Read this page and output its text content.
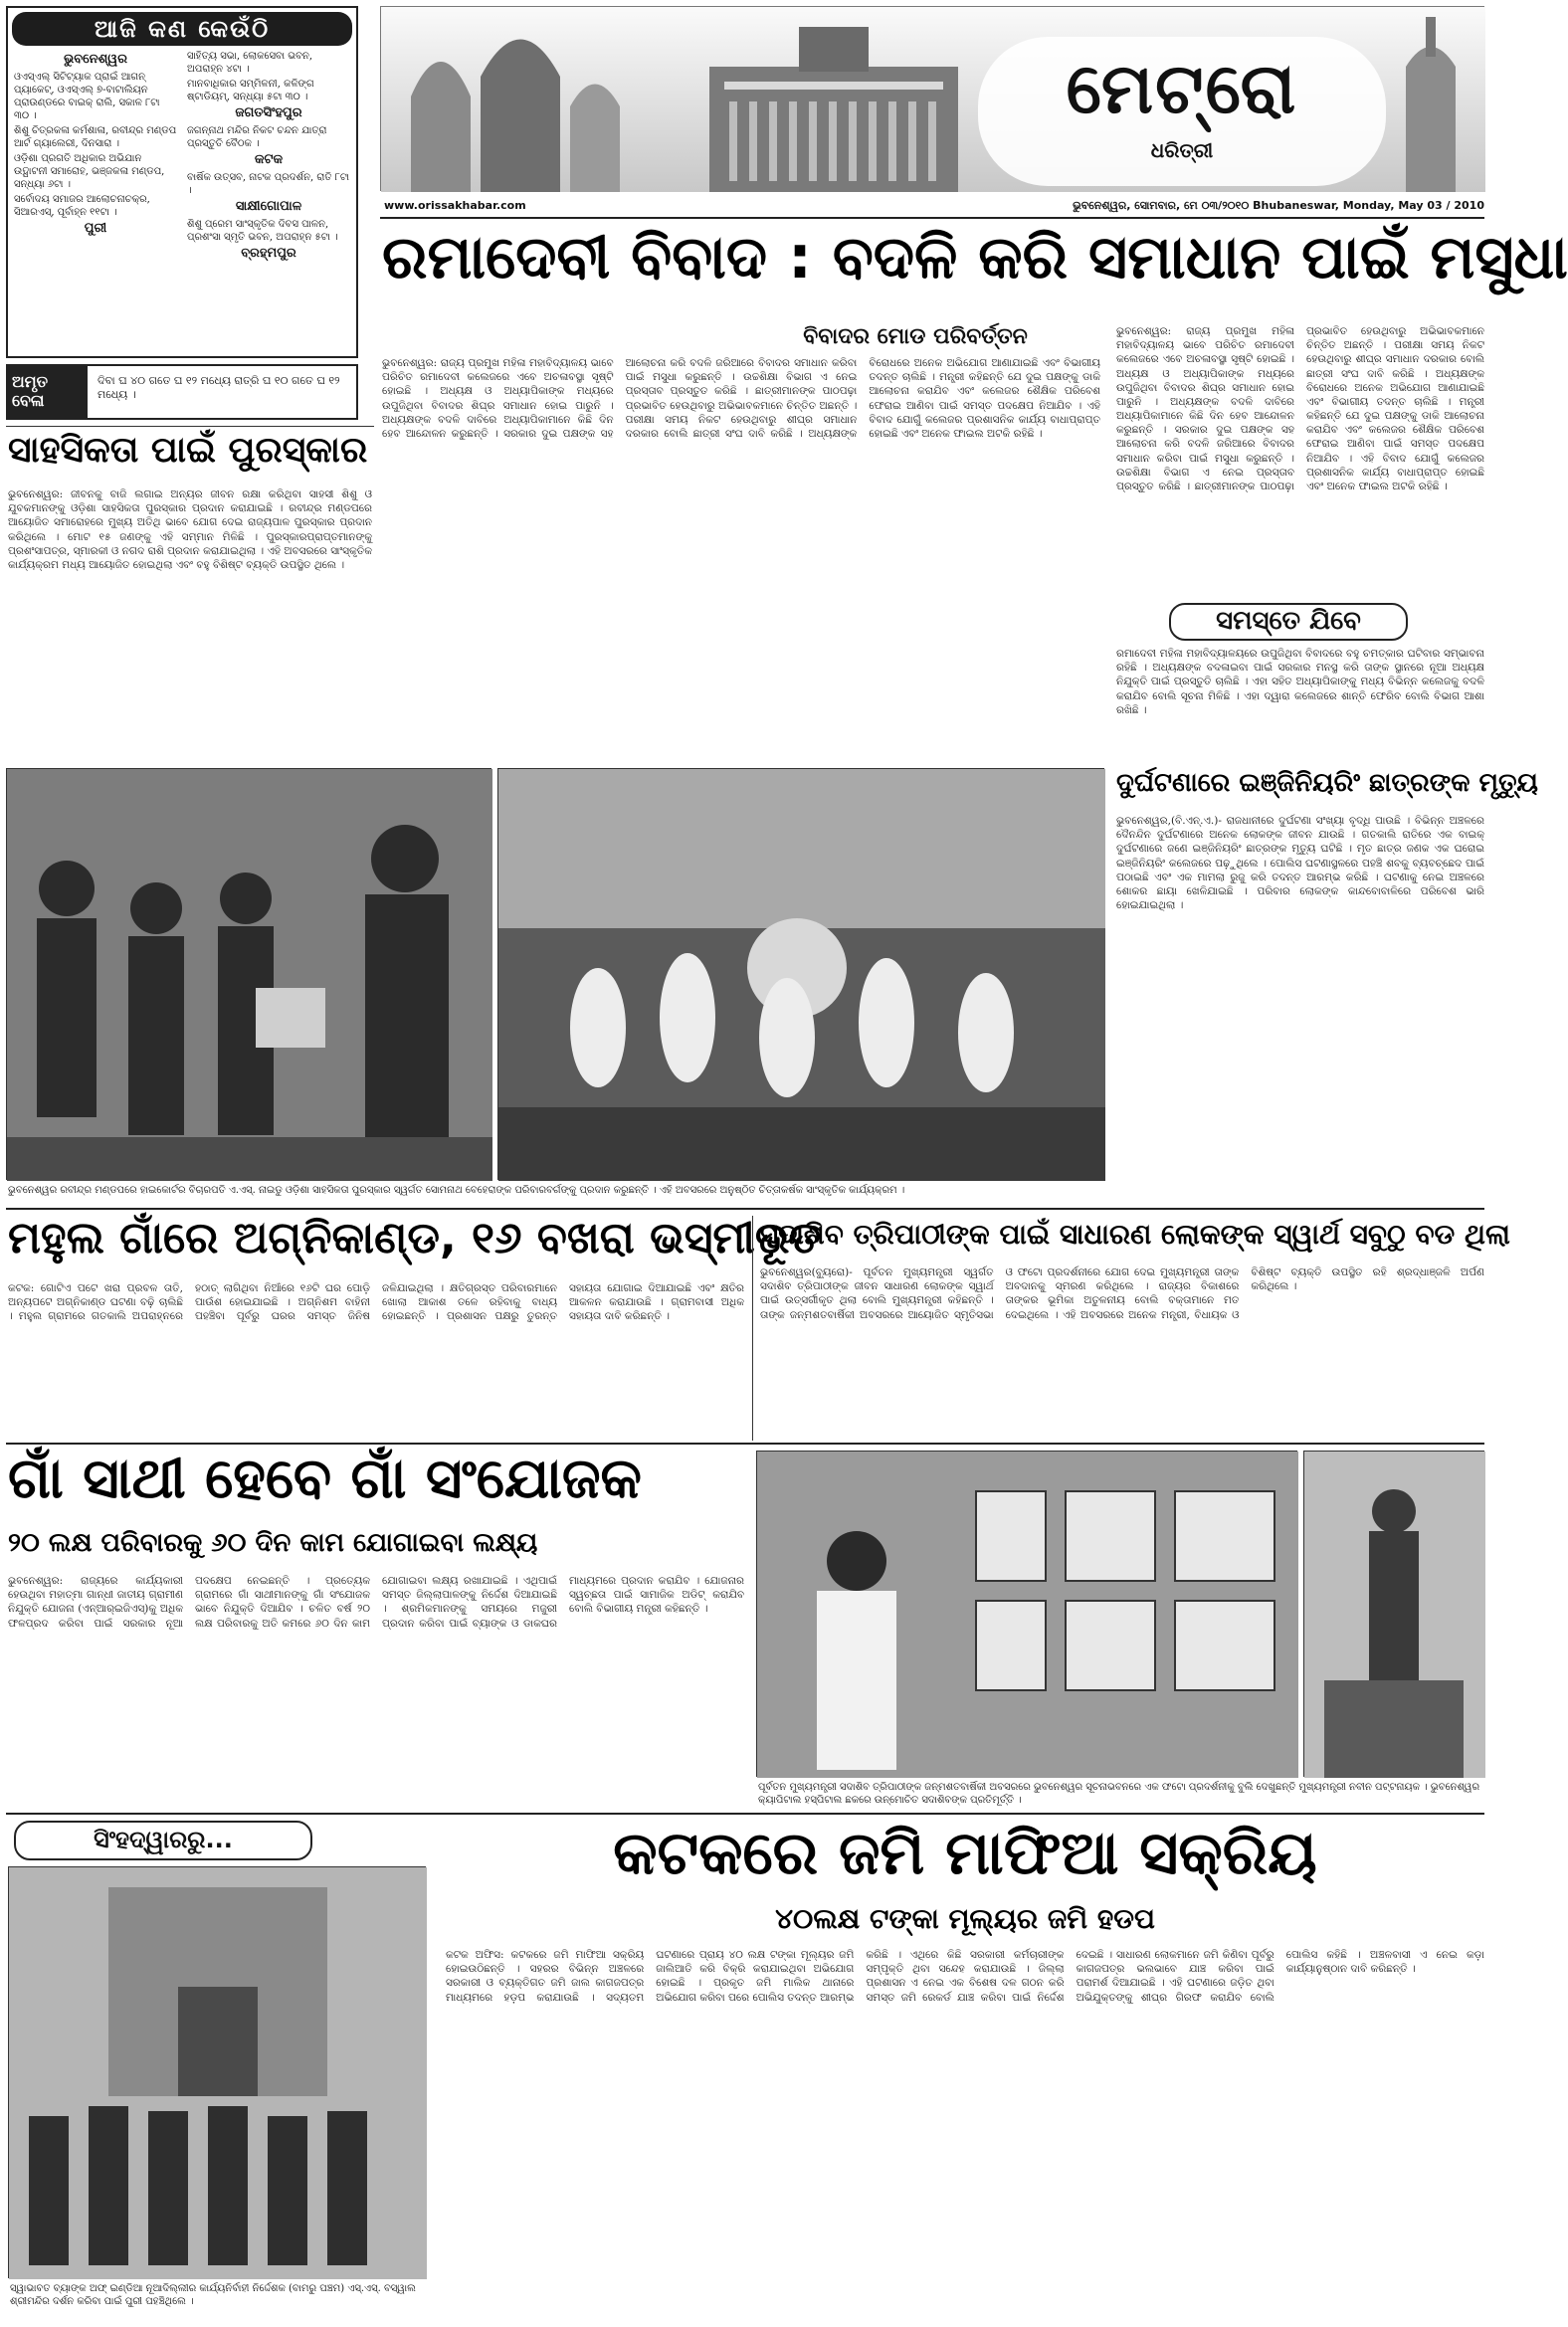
ଆଜି କଣ କେଉଁଠି
ଭୁବନେଶ୍ୱର

ଓଏସ୍‌ଏଲ୍‌ ସିଟିଟ୍ୟାକ ପ୍ରାଇଁ ଆଗନ୍ ପ୍ୟାକେଟ୍, ଓଏସ୍‌ଏଲ୍ ୭-ବାଟାଲିୟନ ପ୍ରାଉଣ୍ଡରେ ବାଇକ୍ ରାଲି, ସକାଳ ୮ଟା ୩୦ ।

ଶିଶୁ ଚିତ୍ରକଳା କର୍ମଶାଳା, ରବୀନ୍ଦ୍ର ମଣ୍ଡପ ଆର୍ଟ ଗ୍ୟାଲେରୀ, ଦିନସାରା ।

ଓଡ଼ିଶା ପ୍ରଗତି ଅଧିକାର ଅଭିଯାନ ଉଦ୍ଘାଟନୀ ସମାରୋହ, ଭଞ୍ଜକଳା ମଣ୍ଡପ, ସନ୍ଧ୍ୟା ୬ଟା ।

ସର୍ବୋଦୟ ସମାଜର ଆଲୋଚନାଚକ୍ର, ସିଆରଏସ୍, ପୂର୍ବାହ୍ନ ୧୧ଟା ।

ପୁରୀ

ସାହିତ୍ୟ ସଭା, ଲୋକସେବା ଭବନ, ଅପରାହ୍ନ ୪ଟା ।

ମାନବାଧିକାର ସମ୍ମିଳନୀ, କଳିଙ୍ଗ ଷ୍ଟାଡିୟମ୍, ସନ୍ଧ୍ୟା ୫ଟା ୩୦ ।

ଜଗତସିଂହପୁର

ଜଗନ୍ନାଥ ମନ୍ଦିର ନିକଟ ଚନ୍ଦନ ଯାତ୍ରା ପ୍ରସ୍ତୁତି ବୈଠକ ।

କଟକ

ବାର୍ଷିକ ଉତ୍ସବ, ନାଟକ ପ୍ରଦର୍ଶନ, ରାତି ୮ଟା ।

ସାକ୍ଷୀଗୋପାଳ

ଶିଶୁ ପ୍ରେମ ସାଂସ୍କୃତିକ ଦିବସ ପାଳନ, ପ୍ରଶଂସା ସ୍ମୃତି ଭବନ, ଅପରାହ୍ନ ୫ଟା ।

ବ୍ରହ୍ମପୁର
ଅମୃତ ବେଳା
ଦିବା ଘ ୪୦ ଗତେ ଘ ୧୨ ମଧ୍ୟେ ରାତ୍ରି ଘ ୧୦ ଗତେ ଘ ୧୨ ମଧ୍ୟେ ।
ମେଟ୍ରୋ
ଧରିତ୍ରୀ
www.orissakhabar.com	ଭୁବନେଶ୍ୱର, ସୋମବାର, ମେ ୦୩/୨୦୧୦ Bhubaneswar, Monday, May 03 / 2010
ରମାଦେବୀ ବିବାଦ : ବଦଳି କରି ସମାଧାନ ପାଇଁ ମସୁଧା
ବିବାଦର ମୋଡ ପରିବର୍ତ୍ତନ
ଭୁବନେଶ୍ୱର: ରାଜ୍ୟ ପ୍ରମୁଖ ମହିଳା ମହାବିଦ୍ୟାଳୟ ଭାବେ ପରିଚିତ ରମାଦେବୀ କଲେଜରେ ଏବେ ଅଚଳାବସ୍ଥା ସୃଷ୍ଟି ହୋଇଛି । ଅଧ୍ୟକ୍ଷ ଓ ଅଧ୍ୟାପିକାଙ୍କ ମଧ୍ୟରେ ଉପୁଜିଥିବା ବିବାଦର ଶିଘ୍ର ସମାଧାନ ହୋଇ ପାରୁନି । ଅଧ୍ୟକ୍ଷଙ୍କ ବଦଳି ଦାବିରେ ଅଧ୍ୟାପିକାମାନେ କିଛି ଦିନ ହେବ ଆନ୍ଦୋଳନ କରୁଛନ୍ତି । ସରକାର ଦୁଇ ପକ୍ଷଙ୍କ ସହ ଆଲୋଚନା କରି ବଦଳି ଜରିଆରେ ବିବାଦର ସମାଧାନ କରିବା ପାଇଁ ମସୁଧା କରୁଛନ୍ତି । ଉଚ୍ଚଶିକ୍ଷା ବିଭାଗ ଏ ନେଇ ପ୍ରସ୍ତାବ ପ୍ରସ୍ତୁତ କରିଛି । ଛାତ୍ରୀମାନଙ୍କ ପାଠପଢ଼ା ପ୍ରଭାବିତ ହେଉଥିବାରୁ ଅଭିଭାବକମାନେ ଚିନ୍ତିତ ଅଛନ୍ତି । ପରୀକ୍ଷା ସମୟ ନିକଟ ହେଉଥିବାରୁ ଶୀଘ୍ର ସମାଧାନ ଦରକାର ବୋଲି ଛାତ୍ରୀ ସଂଘ ଦାବି କରିଛି । ଅଧ୍ୟକ୍ଷଙ୍କ ବିରୋଧରେ ଅନେକ ଅଭିଯୋଗ ଆଣାଯାଇଛି ଏବଂ ବିଭାଗୀୟ ତଦନ୍ତ ଚାଲିଛି । ମନ୍ତ୍ରୀ କହିଛନ୍ତି ଯେ ଦୁଇ ପକ୍ଷଙ୍କୁ ଡାକି ଆଲୋଚନା କରାଯିବ ଏବଂ କଲେଜର ଶୈକ୍ଷିକ ପରିବେଶ ଫେରାଇ ଆଣିବା ପାଇଁ ସମସ୍ତ ପଦକ୍ଷେପ ନିଆଯିବ । ଏହି ବିବାଦ ଯୋଗୁଁ କଲେଜର ପ୍ରଶାସନିକ କାର୍ଯ୍ୟ ବାଧାପ୍ରାପ୍ତ ହୋଇଛି ଏବଂ ଅନେକ ଫାଇଲ ଅଟକି ରହିଛି ।
ଭୁବନେଶ୍ୱର: ରାଜ୍ୟ ପ୍ରମୁଖ ମହିଳା ମହାବିଦ୍ୟାଳୟ ଭାବେ ପରିଚିତ ରମାଦେବୀ କଲେଜରେ ଏବେ ଅଚଳାବସ୍ଥା ସୃଷ୍ଟି ହୋଇଛି । ଅଧ୍ୟକ୍ଷ ଓ ଅଧ୍ୟାପିକାଙ୍କ ମଧ୍ୟରେ ଉପୁଜିଥିବା ବିବାଦର ଶିଘ୍ର ସମାଧାନ ହୋଇ ପାରୁନି । ଅଧ୍ୟକ୍ଷଙ୍କ ବଦଳି ଦାବିରେ ଅଧ୍ୟାପିକାମାନେ କିଛି ଦିନ ହେବ ଆନ୍ଦୋଳନ କରୁଛନ୍ତି । ସରକାର ଦୁଇ ପକ୍ଷଙ୍କ ସହ ଆଲୋଚନା କରି ବଦଳି ଜରିଆରେ ବିବାଦର ସମାଧାନ କରିବା ପାଇଁ ମସୁଧା କରୁଛନ୍ତି । ଉଚ୍ଚଶିକ୍ଷା ବିଭାଗ ଏ ନେଇ ପ୍ରସ୍ତାବ ପ୍ରସ୍ତୁତ କରିଛି । ଛାତ୍ରୀମାନଙ୍କ ପାଠପଢ଼ା ପ୍ରଭାବିତ ହେଉଥିବାରୁ ଅଭିଭାବକମାନେ ଚିନ୍ତିତ ଅଛନ୍ତି । ପରୀକ୍ଷା ସମୟ ନିକଟ ହେଉଥିବାରୁ ଶୀଘ୍ର ସମାଧାନ ଦରକାର ବୋଲି ଛାତ୍ରୀ ସଂଘ ଦାବି କରିଛି । ଅଧ୍ୟକ୍ଷଙ୍କ ବିରୋଧରେ ଅନେକ ଅଭିଯୋଗ ଆଣାଯାଇଛି ଏବଂ ବିଭାଗୀୟ ତଦନ୍ତ ଚାଲିଛି । ମନ୍ତ୍ରୀ କହିଛନ୍ତି ଯେ ଦୁଇ ପକ୍ଷଙ୍କୁ ଡାକି ଆଲୋଚନା କରାଯିବ ଏବଂ କଲେଜର ଶୈକ୍ଷିକ ପରିବେଶ ଫେରାଇ ଆଣିବା ପାଇଁ ସମସ୍ତ ପଦକ୍ଷେପ ନିଆଯିବ । ଏହି ବିବାଦ ଯୋଗୁଁ କଲେଜର ପ୍ରଶାସନିକ କାର୍ଯ୍ୟ ବାଧାପ୍ରାପ୍ତ ହୋଇଛି ଏବଂ ଅନେକ ଫାଇଲ ଅଟକି ରହିଛି ।
ସମସ୍ତେ ଯିବେ
ରମାଦେବୀ ମହିଳା ମହାବିଦ୍ୟାଳୟରେ ଉପୁଜିଥିବା ବିବାଦରେ ବହୁ ଚମତ୍କାର ଘଟିବାର ସମ୍ଭାବନା ରହିଛି । ଅଧ୍ୟକ୍ଷଙ୍କ ବଦଳାଇବା ପାଇଁ ସରକାର ମନସ୍ଥ କରି ତାଙ୍କ ସ୍ଥାନରେ ନୂଆ ଅଧ୍ୟକ୍ଷ ନିଯୁକ୍ତି ପାଇଁ ପ୍ରସ୍ତୁତି ଚାଲିଛି । ଏହା ସହିତ ଅଧ୍ୟାପିକାଙ୍କୁ ମଧ୍ୟ ବିଭିନ୍ନ କଲେଜକୁ ବଦଳି କରାଯିବ ବୋଲି ସୂଚନା ମିଳିଛି । ଏହା ଦ୍ୱାରା କଲେଜରେ ଶାନ୍ତି ଫେରିବ ବୋଲି ବିଭାଗ ଆଶା ରଖିଛି ।
ସାହସିକତା ପାଇଁ ପୁରସ୍କାର
ଭୁବନେଶ୍ୱର: ଜୀବନକୁ ବାଜି ଲଗାଇ ଅନ୍ୟର ଜୀବନ ରକ୍ଷା କରିଥିବା ସାହସୀ ଶିଶୁ ଓ ଯୁବକମାନଙ୍କୁ ଓଡ଼ିଶା ସାହସିକତା ପୁରସ୍କାର ପ୍ରଦାନ କରାଯାଇଛି । ରବୀନ୍ଦ୍ର ମଣ୍ଡପରେ ଆୟୋଜିତ ସମାରୋହରେ ମୁଖ୍ୟ ଅତିଥି ଭାବେ ଯୋଗ ଦେଇ ରାଜ୍ୟପାଳ ପୁରସ୍କାର ପ୍ରଦାନ କରିଥିଲେ । ମୋଟ ୧୫ ଜଣଙ୍କୁ ଏହି ସମ୍ମାନ ମିଳିଛି । ପୁରସ୍କାରପ୍ରାପ୍ତମାନଙ୍କୁ ପ୍ରଶଂସାପତ୍ର, ସ୍ମାରକୀ ଓ ନଗଦ ରାଶି ପ୍ରଦାନ କରାଯାଇଥିଲା । ଏହି ଅବସରରେ ସାଂସ୍କୃତିକ କାର୍ଯ୍ୟକ୍ରମ ମଧ୍ୟ ଆୟୋଜିତ ହୋଇଥିଲା ଏବଂ ବହୁ ବିଶିଷ୍ଟ ବ୍ୟକ୍ତି ଉପସ୍ଥିତ ଥିଲେ ।
ଭୁବନେଶ୍ୱର ରବୀନ୍ଦ୍ର ମଣ୍ଡପରେ ହାଇକୋର୍ଟର ବିଚାରପତି ଏ.ଏସ୍. ନାଇଡୁ ଓଡ଼ିଶା ସାହସିକତା ପୁରସ୍କାର ସ୍ୱର୍ଗତ ସୋମନାଥ ବେହେରାଙ୍କ ପରିବାରବର୍ଗଙ୍କୁ ପ୍ରଦାନ କରୁଛନ୍ତି । ଏହି ଅବସରରେ ଅନୁଷ୍ଠିତ ଚିତ୍ତାକର୍ଷକ ସାଂସ୍କୃତିକ କାର୍ଯ୍ୟକ୍ରମ ।
ଦୁର୍ଘଟଣାରେ ଇଞ୍ଜିନିୟରିଂ ଛାତ୍ରଙ୍କ ମୃତ୍ୟୁ
ଭୁବନେଶ୍ୱର,(ବି.ଏନ୍.ଏ.)- ରାଜଧାନୀରେ ଦୁର୍ଘଟଣା ସଂଖ୍ୟା ବୃଦ୍ଧି ପାଉଛି । ବିଭିନ୍ନ ଅଞ୍ଚଳରେ ଦୈନନ୍ଦିନ ଦୁର୍ଘଟଣାରେ ଅନେକ ଲୋକଙ୍କ ଜୀବନ ଯାଉଛି । ଗତକାଲି ରାତିରେ ଏକ ବାଇକ୍ ଦୁର୍ଘଟଣାରେ ଜଣେ ଇଞ୍ଜିନିୟରିଂ ଛାତ୍ରଙ୍କ ମୃତ୍ୟୁ ଘଟିଛି । ମୃତ ଛାତ୍ର ଜଣକ ଏକ ଘରୋଇ ଇଞ୍ଜିନିୟରିଂ କଲେଜରେ ପଢ଼ୁଥିଲେ । ପୋଲିସ ଘଟଣାସ୍ଥଳରେ ପହଞ୍ଚି ଶବକୁ ବ୍ୟବଚ୍ଛେଦ ପାଇଁ ପଠାଇଛି ଏବଂ ଏକ ମାମଲା ରୁଜୁ କରି ତଦନ୍ତ ଆରମ୍ଭ କରିଛି । ଘଟଣାକୁ ନେଇ ଅଞ୍ଚଳରେ ଶୋକର ଛାୟା ଖେଳିଯାଇଛି । ପରିବାର ଲୋକଙ୍କ କାନ୍ଦବୋବାଳିରେ ପରିବେଶ ଭାରି ହୋଇଯାଇଥିଲା ।
ମହୁଲ ଗାଁରେ ଅଗ୍ନିକାଣ୍ଡ, ୧୬ ବଖରା ଭସ୍ମୀଭୂତ
କଟକ: ଗୋଟିଏ ପଟେ ଖରା ପ୍ରବଳ ତାତି, ଅନ୍ୟପଟେ ଅଗ୍ନିକାଣ୍ଡ ଘଟଣା ବଢ଼ି ଚାଲିଛି । ମହୁଲ ଗ୍ରାମରେ ଗତକାଲି ଅପରାହ୍ନରେ ହଠାତ୍ ଲାଗିଥିବା ନିଆଁରେ ୧୬ଟି ଘର ପୋଡ଼ି ପାଉଁଶ ହୋଇଯାଇଛି । ଅଗ୍ନିଶମ ବାହିନୀ ପହଞ୍ଚିବା ପୂର୍ବରୁ ଘରର ସମସ୍ତ ଜିନିଷ ଜଳିଯାଇଥିଲା । କ୍ଷତିଗ୍ରସ୍ତ ପରିବାରମାନେ ଖୋଲା ଆକାଶ ତଳେ ରହିବାକୁ ବାଧ୍ୟ ହୋଇଛନ୍ତି । ପ୍ରଶାସନ ପକ୍ଷରୁ ତୁରନ୍ତ ସହାୟତା ଯୋଗାଇ ଦିଆଯାଇଛି ଏବଂ କ୍ଷତିର ଆକଳନ କରାଯାଉଛି । ଗ୍ରାମବାସୀ ଅଧିକ ସହାୟତା ଦାବି କରିଛନ୍ତି ।
ସଦାଶିବ ତ୍ରିପାଠୀଙ୍କ ପାଇଁ ସାଧାରଣ ଲୋକଙ୍କ ସ୍ୱାର୍ଥ ସବୁଠୁ ବଡ ଥିଲା
ଭୁବନେଶ୍ୱର(ବ୍ୟୁରୋ)- ପୂର୍ବତନ ମୁଖ୍ୟମନ୍ତ୍ରୀ ସ୍ୱର୍ଗତ ସଦାଶିବ ତ୍ରିପାଠୀଙ୍କ ଜୀବନ ସାଧାରଣ ଲୋକଙ୍କ ସ୍ୱାର୍ଥ ପାଇଁ ଉତ୍ସର୍ଗୀକୃତ ଥିଲା ବୋଲି ମୁଖ୍ୟମନ୍ତ୍ରୀ କହିଛନ୍ତି । ତାଙ୍କ ଜନ୍ମଶତବାର୍ଷିକୀ ଅବସରରେ ଆୟୋଜିତ ସ୍ମୃତିସଭା ଓ ଫଟୋ ପ୍ରଦର୍ଶନୀରେ ଯୋଗ ଦେଇ ମୁଖ୍ୟମନ୍ତ୍ରୀ ତାଙ୍କ ଅବଦାନକୁ ସ୍ମରଣ କରିଥିଲେ । ରାଜ୍ୟର ବିକାଶରେ ତାଙ୍କର ଭୂମିକା ଅତୁଳନୀୟ ବୋଲି ବକ୍ତାମାନେ ମତ ଦେଇଥିଲେ । ଏହି ଅବସରରେ ଅନେକ ମନ୍ତ୍ରୀ, ବିଧାୟକ ଓ ବିଶିଷ୍ଟ ବ୍ୟକ୍ତି ଉପସ୍ଥିତ ରହି ଶ୍ରଦ୍ଧାଞ୍ଜଳି ଅର୍ପଣ କରିଥିଲେ ।
ଗାଁ ସାଥୀ ହେବେ ଗାଁ ସଂଯୋଜକ
୨୦ ଲକ୍ଷ ପରିବାରକୁ ୬୦ ଦିନ କାମ ଯୋଗାଇବା ଲକ୍ଷ୍ୟ
ଭୁବନେଶ୍ୱର: ରାଜ୍ୟରେ କାର୍ଯ୍ୟକାରୀ ହେଉଥିବା ମହାତ୍ମା ଗାନ୍ଧୀ ଜାତୀୟ ଗ୍ରାମୀଣ ନିଯୁକ୍ତି ଯୋଜନା (ଏନ୍‌ଆର୍‌ଇଜିଏସ୍)କୁ ଅଧିକ ଫଳପ୍ରଦ କରିବା ପାଇଁ ସରକାର ନୂଆ ପଦକ୍ଷେପ ନେଇଛନ୍ତି । ପ୍ରତ୍ୟେକ ଗ୍ରାମରେ ଗାଁ ସାଥୀମାନଙ୍କୁ ଗାଁ ସଂଯୋଜକ ଭାବେ ନିଯୁକ୍ତି ଦିଆଯିବ । ଚଳିତ ବର୍ଷ ୨୦ ଲକ୍ଷ ପରିବାରକୁ ଅତି କମରେ ୬୦ ଦିନ କାମ ଯୋଗାଇବା ଲକ୍ଷ୍ୟ ରଖାଯାଇଛି । ଏଥିପାଇଁ ସମସ୍ତ ଜିଲ୍ଲାପାଳଙ୍କୁ ନିର୍ଦ୍ଦେଶ ଦିଆଯାଇଛି । ଶ୍ରମିକମାନଙ୍କୁ ସମୟରେ ମଜୁରୀ ପ୍ରଦାନ କରିବା ପାଇଁ ବ୍ୟାଙ୍କ ଓ ଡାକଘର ମାଧ୍ୟମରେ ପ୍ରଦାନ କରାଯିବ । ଯୋଜନାର ସ୍ୱଚ୍ଛତା ପାଇଁ ସାମାଜିକ ଅଡିଟ୍ କରାଯିବ ବୋଲି ବିଭାଗୀୟ ମନ୍ତ୍ରୀ କହିଛନ୍ତି ।
ପୂର୍ବତନ ମୁଖ୍ୟମନ୍ତ୍ରୀ ସଦାଶିବ ତ୍ରିପାଠୀଙ୍କ ଜନ୍ମଶତବାର୍ଷିକୀ ଅବସରରେ ଭୁବନେଶ୍ୱର ସୂଚନାଭବନରେ ଏକ ଫଟୋ ପ୍ରଦର୍ଶନୀକୁ ବୁଲି ଦେଖୁଛନ୍ତି ମୁଖ୍ୟମନ୍ତ୍ରୀ ନବୀନ ପଟ୍ଟନାୟକ । ଭୁବନେଶ୍ୱର କ୍ୟାପିଟାଲ ହସ୍ପିଟାଲ ଛକରେ ଉନ୍ମୋଚିତ ସଦାଶିବଙ୍କ ପ୍ରତିମୂର୍ତ୍ତି ।
ସିଂହଦ୍ୱାରରୁ...
ସ୍ୱାଭାବତ ବ୍ୟାଙ୍କ ଅଫ୍ ଇଣ୍ଡିଆ ନୂଆଦିଲ୍ଲୀର କାର୍ଯ୍ୟନିର୍ବାହୀ ନିର୍ଦ୍ଦେଶକ (ବାମରୁ ପଞ୍ଚମ) ଏସ୍.ଏସ୍. ବସ୍ୱାଲ ଶ୍ରୀମନ୍ଦିର ଦର୍ଶନ କରିବା ପାଇଁ ପୁରୀ ପହଞ୍ଚିଥିଲେ ।
କଟକରେ ଜମି ମାଫିଆ ସକ୍ରିୟ
୪୦ଲକ୍ଷ ଟଙ୍କା ମୂଲ୍ୟର ଜମି ହଡପ
କଟକ ଅଫିସ: କଟକରେ ଜମି ମାଫିଆ ସକ୍ରିୟ ହୋଇଉଠିଛନ୍ତି । ସହରର ବିଭିନ୍ନ ଅଞ୍ଚଳରେ ସରକାରୀ ଓ ବ୍ୟକ୍ତିଗତ ଜମି ଜାଲ କାଗଜପତ୍ର ମାଧ୍ୟମରେ ହଡ଼ପ କରାଯାଉଛି । ସଦ୍ୟତମ ଘଟଣାରେ ପ୍ରାୟ ୪୦ ଲକ୍ଷ ଟଙ୍କା ମୂଲ୍ୟର ଜମି ଜାଲିଆତି କରି ବିକ୍ରି କରାଯାଇଥିବା ଅଭିଯୋଗ ହୋଇଛି । ପ୍ରକୃତ ଜମି ମାଲିକ ଥାନାରେ ଅଭିଯୋଗ କରିବା ପରେ ପୋଲିସ ତଦନ୍ତ ଆରମ୍ଭ କରିଛି । ଏଥିରେ କିଛି ସରକାରୀ କର୍ମଚାରୀଙ୍କ ସମ୍ପୃକ୍ତି ଥିବା ସନ୍ଦେହ କରାଯାଉଛି । ଜିଲ୍ଲା ପ୍ରଶାସନ ଏ ନେଇ ଏକ ବିଶେଷ ଦଳ ଗଠନ କରି ସମସ୍ତ ଜମି ରେକର୍ଡ ଯାଞ୍ଚ କରିବା ପାଇଁ ନିର୍ଦ୍ଦେଶ ଦେଇଛି । ସାଧାରଣ ଲୋକମାନେ ଜମି କିଣିବା ପୂର୍ବରୁ କାଗଜପତ୍ର ଭଲଭାବେ ଯାଞ୍ଚ କରିବା ପାଇଁ ପରାମର୍ଶ ଦିଆଯାଇଛି । ଏହି ଘଟଣାରେ ଜଡ଼ିତ ଥିବା ଅଭିଯୁକ୍ତଙ୍କୁ ଶୀଘ୍ର ଗିରଫ କରାଯିବ ବୋଲି ପୋଲିସ କହିଛି । ଅଞ୍ଚଳବାସୀ ଏ ନେଇ କଡ଼ା କାର୍ଯ୍ୟାନୁଷ୍ଠାନ ଦାବି କରିଛନ୍ତି ।
